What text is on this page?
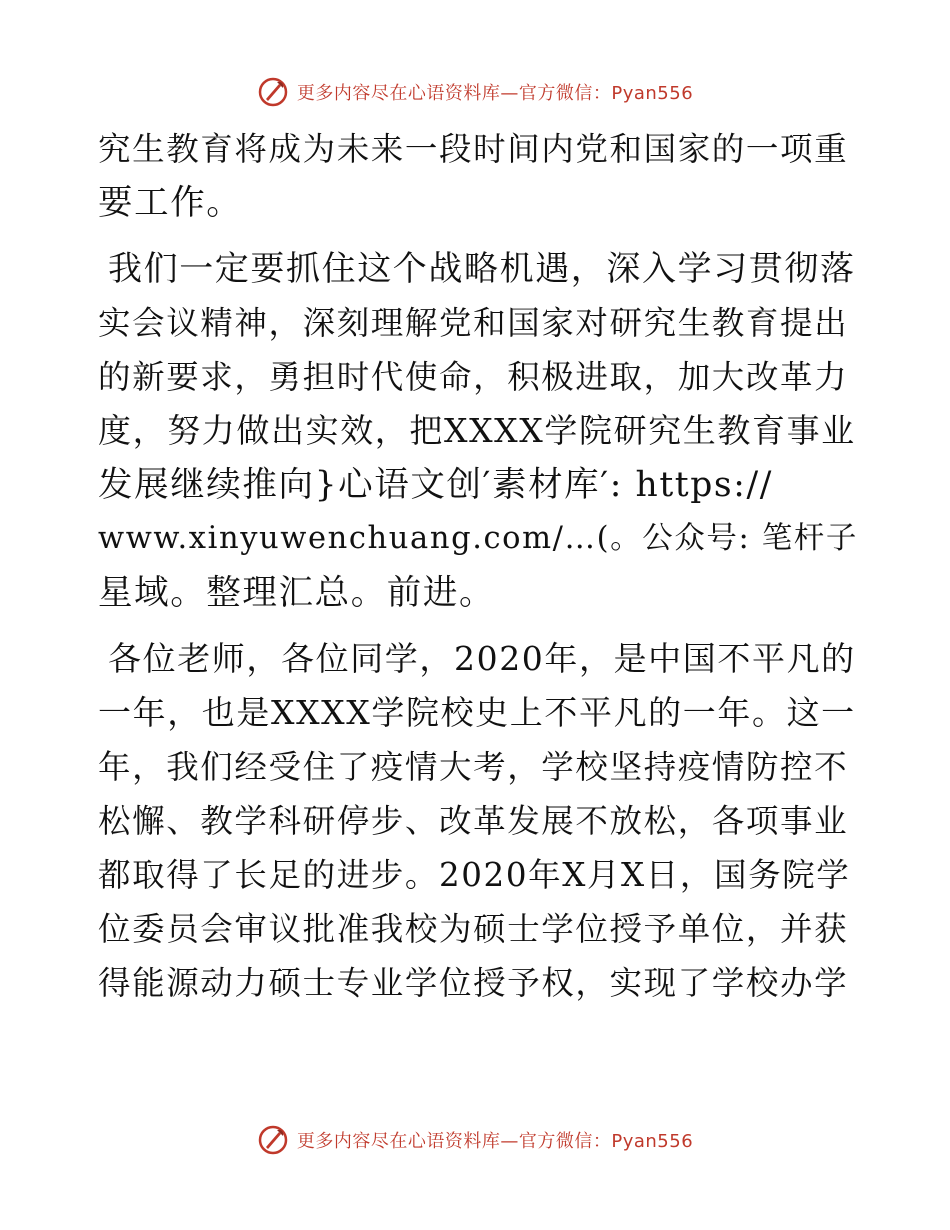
更多内容尽在心语资料库—官方微信：Pyan556

究生教育将成为未来一段时间内党和国家的一项重
要工作。

我们一定要抓住这个战略机遇，深入学习贯彻落
实会议精神，深刻理解党和国家对研究生教育提出
的新要求，勇担时代使命，积极进取，加大改革力
度，努力做出实效，把XXXX学院研究生教育事业
发展继续推向}心语文创′素材库′: https://
www.xinyuwenchuang.com/…(。公众号: 笔杆子
星域。整理汇总。前进。

各位老师，各位同学，2020年，是中国不平凡的
一年，也是XXXX学院校史上不平凡的一年。这一
年，我们经受住了疫情大考，学校坚持疫情防控不
松懈、教学科研停步、改革发展不放松，各项事业
都取得了长足的进步。2020年X月X日，国务院学
位委员会审议批准我校为硕士学位授予单位，并获
得能源动力硕士专业学位授予权，实现了学校办学

更多内容尽在心语资料库—官方微信：Pyan556
